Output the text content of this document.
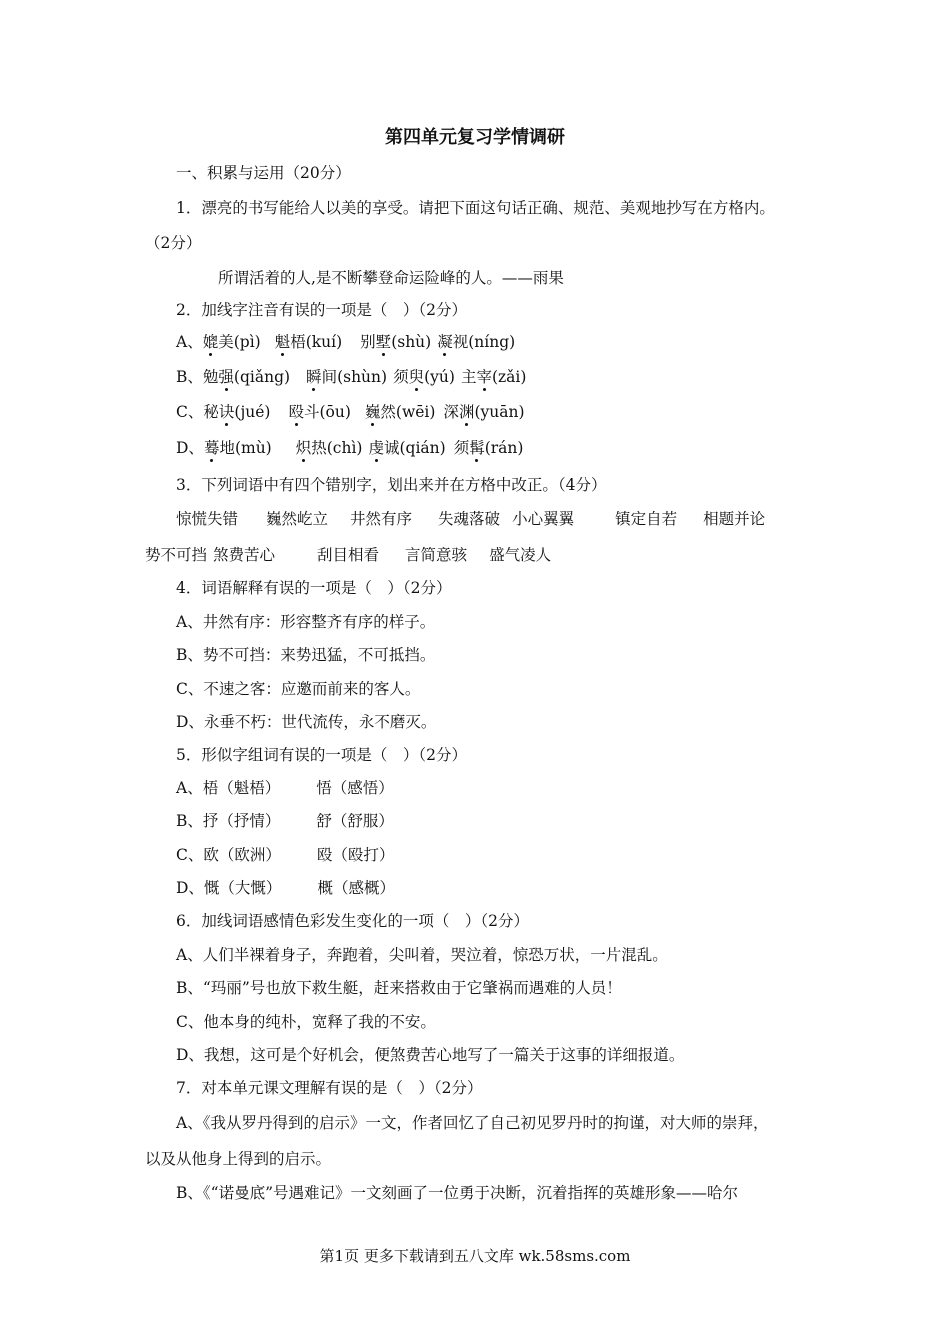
第四单元复习学情调研
一、积累与运用（20分）
1．漂亮的书写能给人以美的享受。请把下面这句话正确、规范、美观地抄写在方格内。
（2分）
所谓活着的人,是不断攀登命运险峰的人。——雨果
2．加线字注音有误的一项是（　）（2分）
A、媲美(pì) 魁梧(kuí) 别墅(shù) 凝视(níng)
B、勉强(qiǎng) 瞬间(shùn) 须臾(yú) 主宰(zǎi)
C、秘诀(jué) 殴斗(ōu) 巍然(wēi) 深渊(yuān)
D、蓦地(mù) 炽热(chì) 虔诚(qián) 须髯(rán)
3．下列词语中有四个错别字，划出来并在方格中改正。（4分）
惊慌失错 巍然屹立 井然有序 失魂落破 小心翼翼	镇定自若 相题并论
势不可挡 煞费苦心	刮目相看 言简意骇 盛气凌人
4．词语解释有误的一项是（　）（2分）
A、井然有序：形容整齐有序的样子。
B、势不可挡：来势迅猛，不可抵挡。
C、不速之客：应邀而前来的客人。
D、永垂不朽：世代流传，永不磨灭。
5．形似字组词有误的一项是（　）（2分）
A、梧（魁梧） 悟（感悟）
B、抒（抒情） 舒（舒服）
C、欧（欧洲） 殴（殴打）
D、慨（大慨） 概（感概）
6．加线词语感情色彩发生变化的一项（　）（2分）
A、人们半裸着身子，奔跑着，尖叫着，哭泣着，惊恐万状，一片混乱。
B、“玛丽”号也放下救生艇，赶来搭救由于它肇祸而遇难的人员！
C、他本身的纯朴，宽释了我的不安。
D、我想，这可是个好机会，便煞费苦心地写了一篇关于这事的详细报道。
7．对本单元课文理解有误的是（　）（2分）
A、《我从罗丹得到的启示》一文，作者回忆了自己初见罗丹时的拘谨，对大师的崇拜，
以及从他身上得到的启示。
B、《“诺曼底”号遇难记》一文刻画了一位勇于决断，沉着指挥的英雄形象——哈尔
第1页 更多下载请到五八文库 wk.58sms.com
